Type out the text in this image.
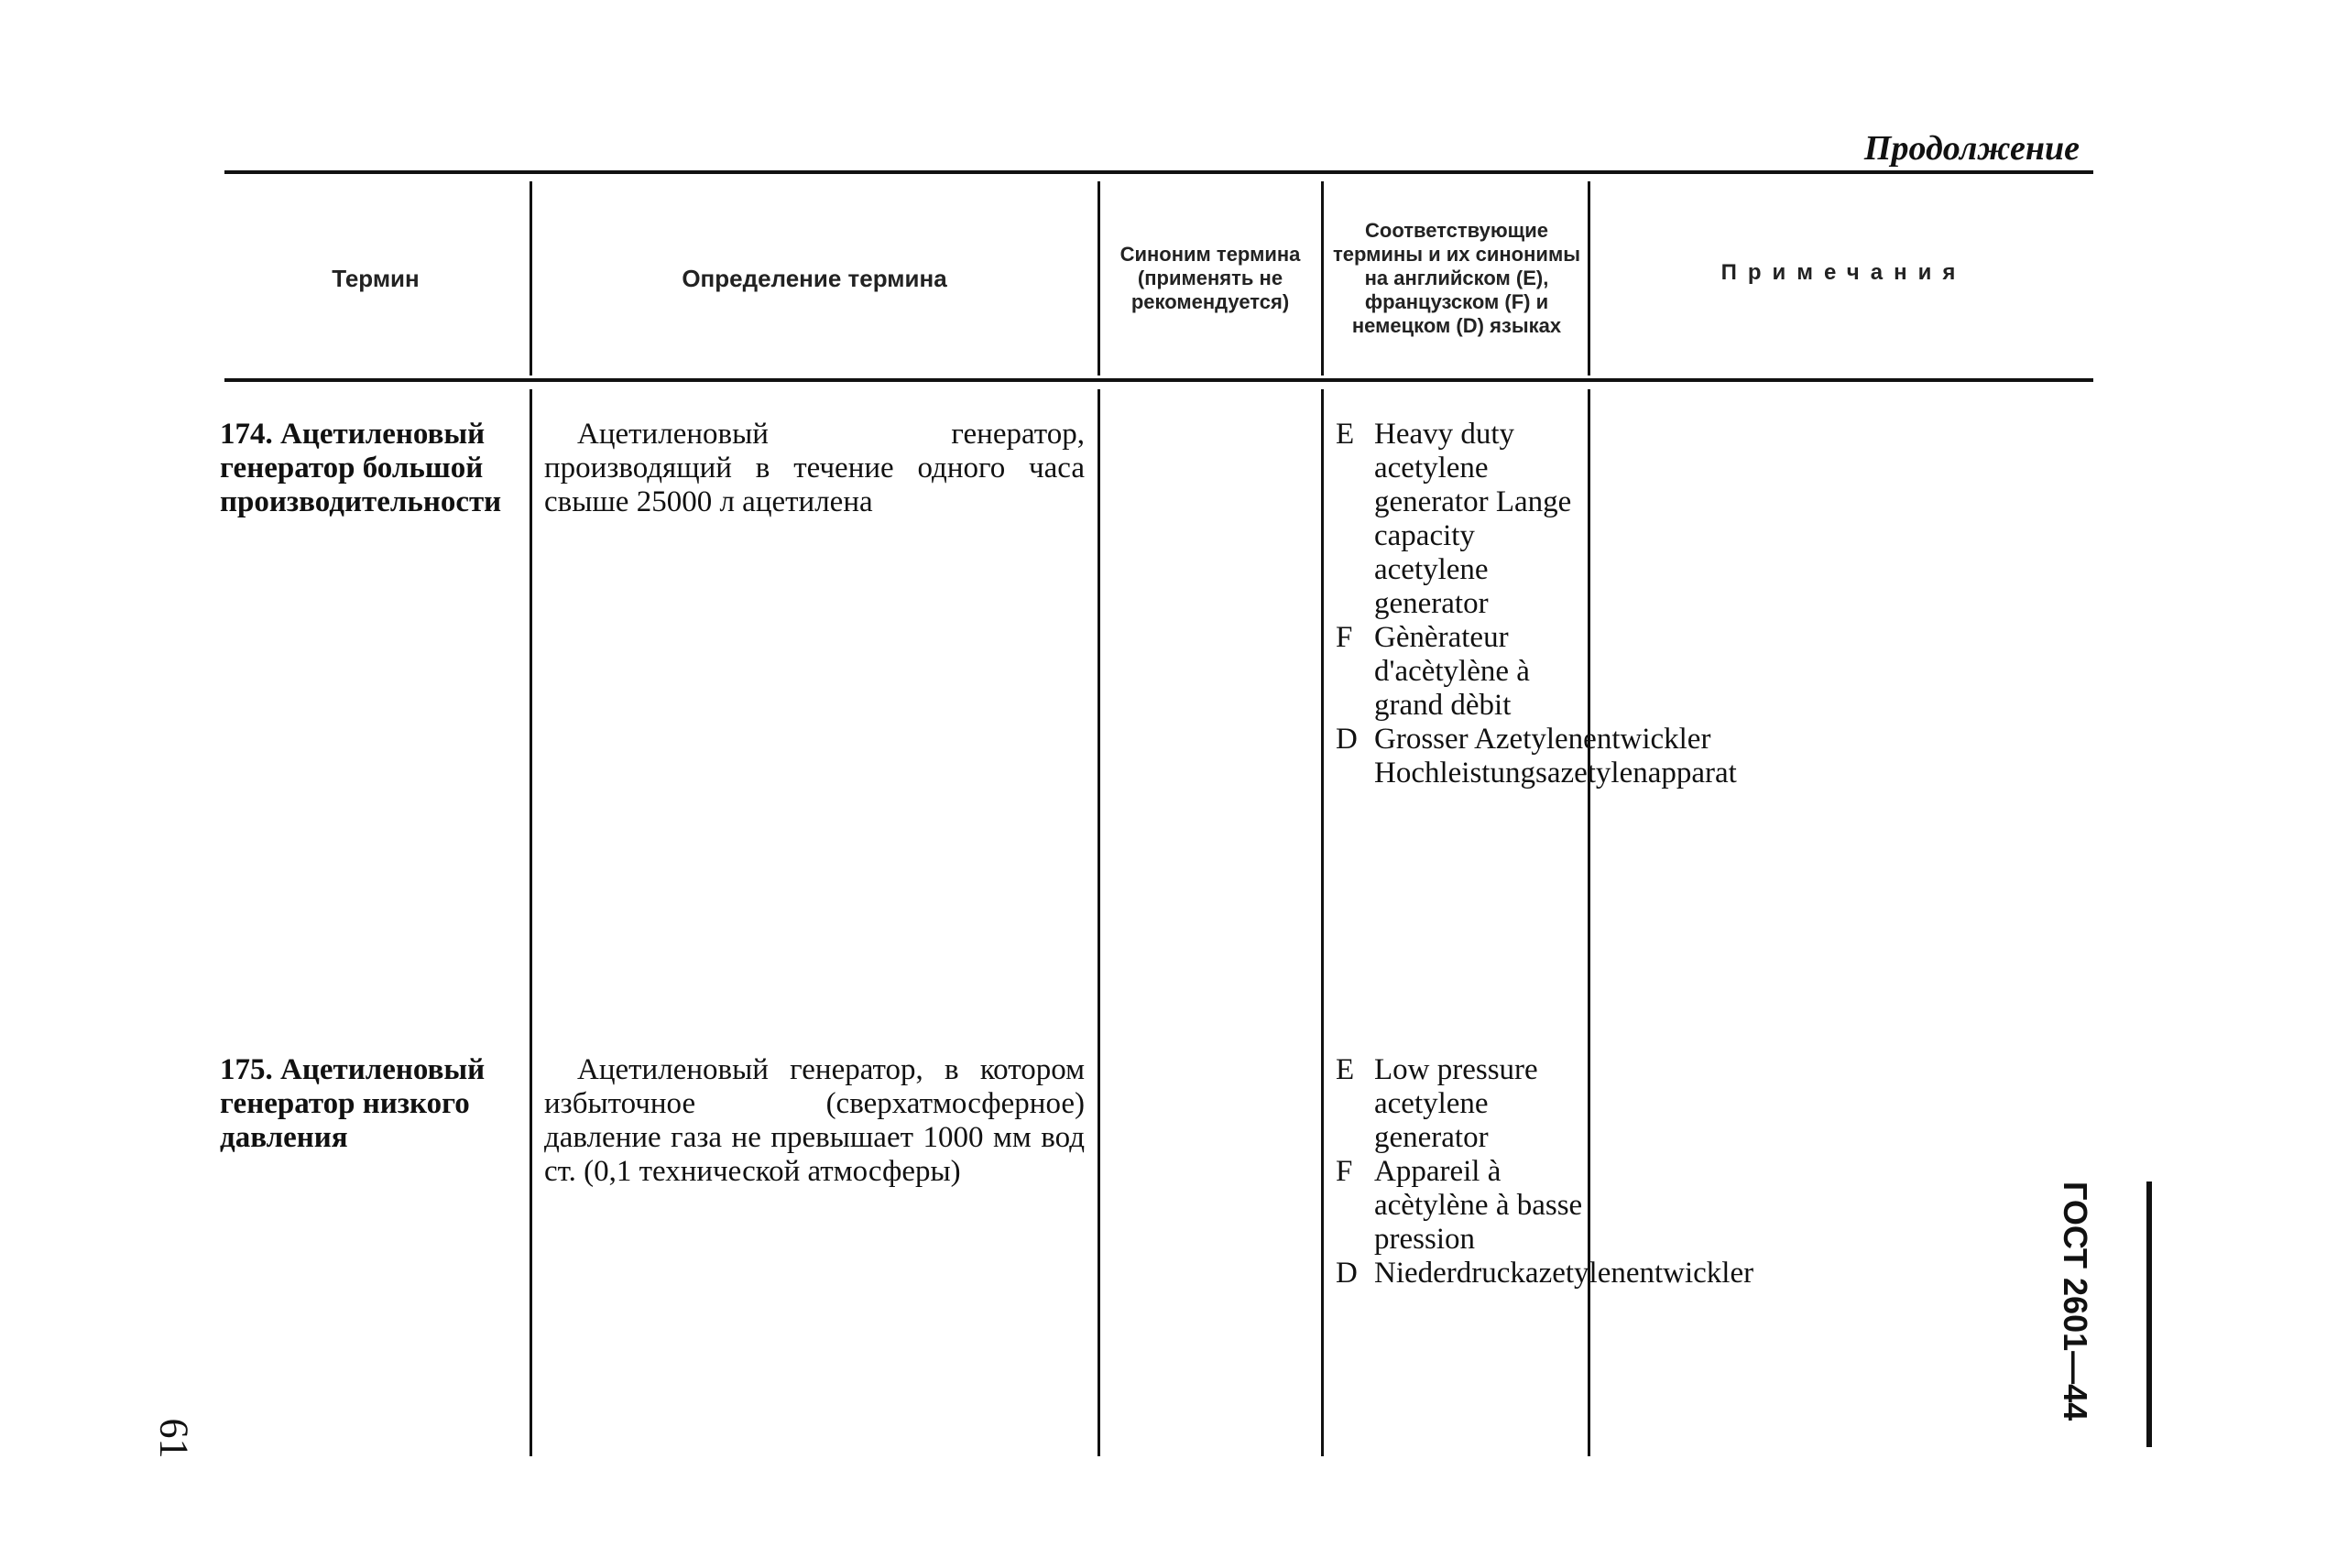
Продолжение
Термин	Определение термина
Синоним термина (применять не рекомендуется)
Соответствующие термины и их синонимы на английском (E), французском (F) и немецком (D) языках
Примечания
174. Ацетиленовый генератор большой производительности
Ацетиленовый генератор, производящий в течение одного часа свыше 25000 л ацетилена
E Heavy duty acetylene generator Lange capacity acetylene generator
F Gènèrateur d'acètylène à grand dèbit
D Grosser Azetylenentwickler Hochleistungsazetylenapparat
175. Ацетиленовый генератор низкого давления
Ацетиленовый генератор, в котором избыточное (сверхатмосферное) давление газа не превышает 1000 мм вод ст. (0,1 технической атмосферы)
E Low pressure acetylene generator
F Appareil à acètylène à basse pression
D Niederdruckazetylenentwickler
61
ГОСТ 2601—44
